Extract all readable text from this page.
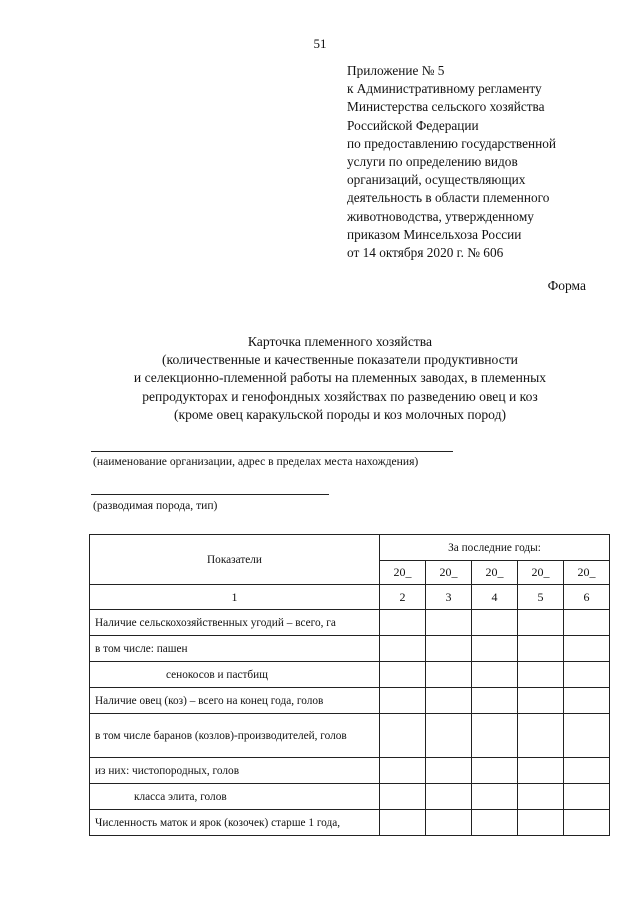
51
Приложение № 5
к Административному регламенту
Министерства сельского хозяйства
Российской Федерации
по предоставлению государственной
услуги по определению видов
организаций, осуществляющих
деятельность в области племенного
животноводства, утвержденному
приказом Минсельхоза России
от 14 октября 2020 г. № 606
Форма
Карточка племенного хозяйства
(количественные и качественные показатели продуктивности
и селекционно-племенной работы на племенных заводах, в племенных
репродукторах и генофондных хозяйствах по разведению овец и коз
(кроме овец каракульской породы и коз молочных пород)
(наименование организации, адрес в пределах места нахождения)
(разводимая порода, тип)
Показатели	За последние годы:				
	20_	20_	20_	20_	20_
1	2	3	4	5	6
Наличие сельскохозяйственных угодий – всего, га					
в том числе: пашен					
сенокосов и пастбищ					
Наличие овец (коз) – всего на конец года, голов					
в том числе баранов (козлов)-производителей, голов					
из них: чистопородных, голов					
класса элита, голов					
Численность маток и ярок (козочек) старше 1 года,					
